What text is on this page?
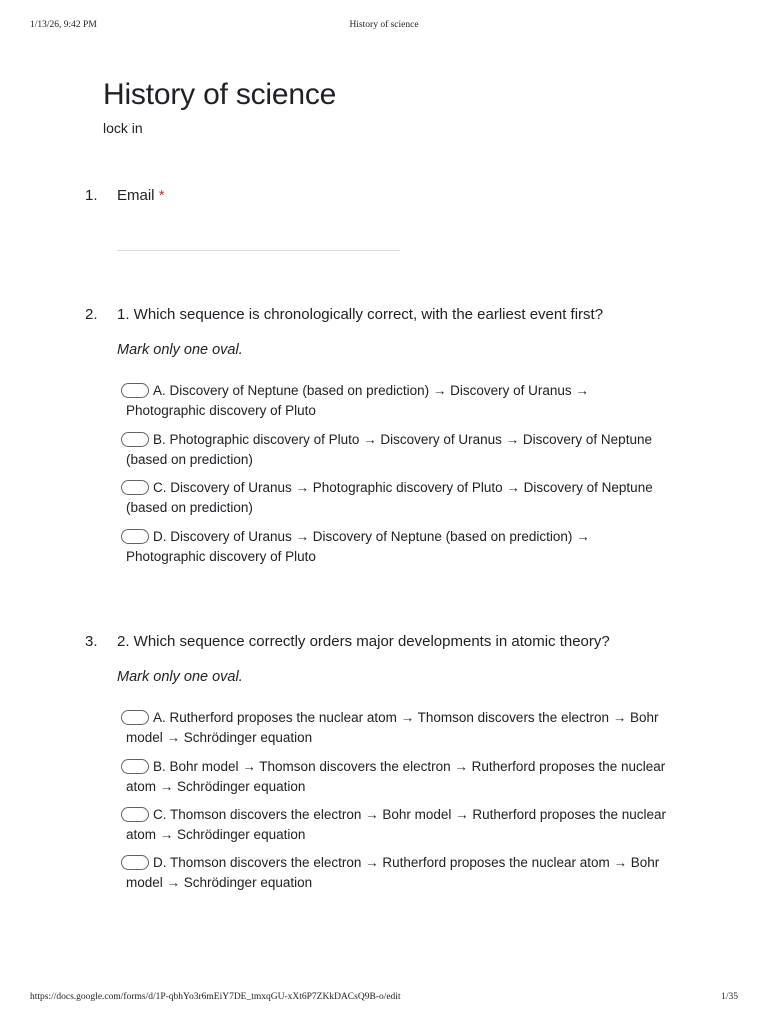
1/13/26, 9:42 PM	History of science
History of science
lock in
1. Email *
2. 1. Which sequence is chronologically correct, with the earliest event first?
Mark only one oval.
A. Discovery of Neptune (based on prediction) → Discovery of Uranus → Photographic discovery of Pluto
B. Photographic discovery of Pluto → Discovery of Uranus → Discovery of Neptune (based on prediction)
C. Discovery of Uranus → Photographic discovery of Pluto → Discovery of Neptune (based on prediction)
D. Discovery of Uranus → Discovery of Neptune (based on prediction) → Photographic discovery of Pluto
3. 2. Which sequence correctly orders major developments in atomic theory?
Mark only one oval.
A. Rutherford proposes the nuclear atom → Thomson discovers the electron → Bohr model → Schrödinger equation
B. Bohr model → Thomson discovers the electron → Rutherford proposes the nuclear atom → Schrödinger equation
C. Thomson discovers the electron → Bohr model → Rutherford proposes the nuclear atom → Schrödinger equation
D. Thomson discovers the electron → Rutherford proposes the nuclear atom → Bohr model → Schrödinger equation
https://docs.google.com/forms/d/1P-qbhYo3r6mEiY7DE_tmxqGU-xXt6P7ZKkDACsQ9B-o/edit	1/35
